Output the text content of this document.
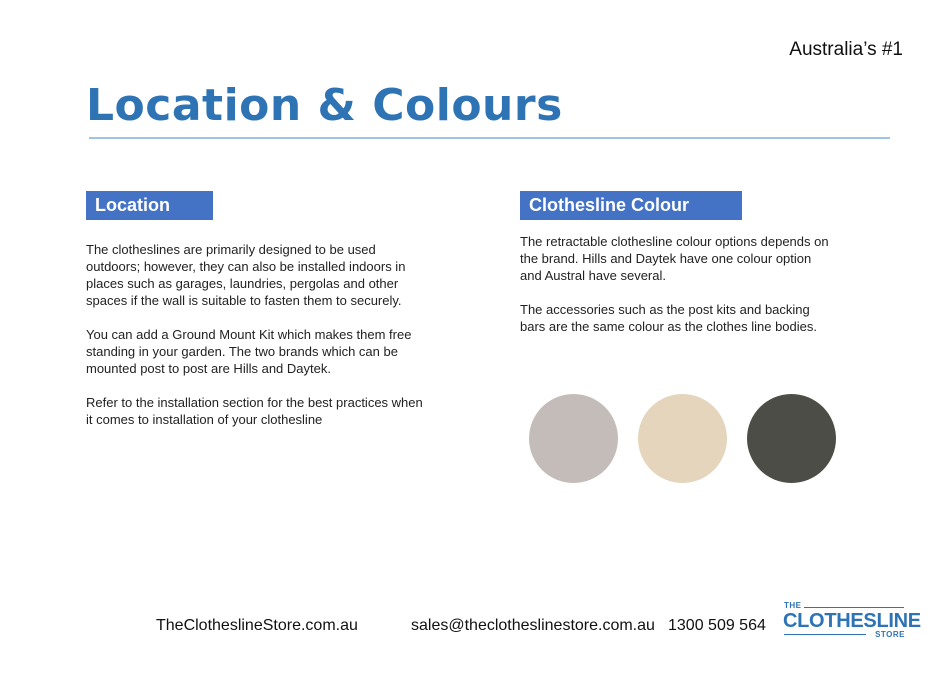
Australia’s #1
Location & Colours
Location

The clotheslines are primarily designed to be used outdoors; however, they can also be installed indoors in places such as garages, laundries, pergolas and other spaces if the wall is suitable to fasten them to securely.

You can add a Ground Mount Kit which makes them free standing in your garden. The two brands which can be mounted post to post are Hills and Daytek.

Refer to the installation section for the best practices when it comes to installation of your clothesline

Clothesline Colour

The retractable clothesline colour options depends on the brand. Hills and Daytek have one colour option and Austral have several.

The accessories such as the post kits and backing bars are the same colour as the clothes line bodies.

TheClotheslineStore.com.au	sales@theclotheslinestore.com.au 1300 509 564
THE
CLOTHESLINE
STORE
